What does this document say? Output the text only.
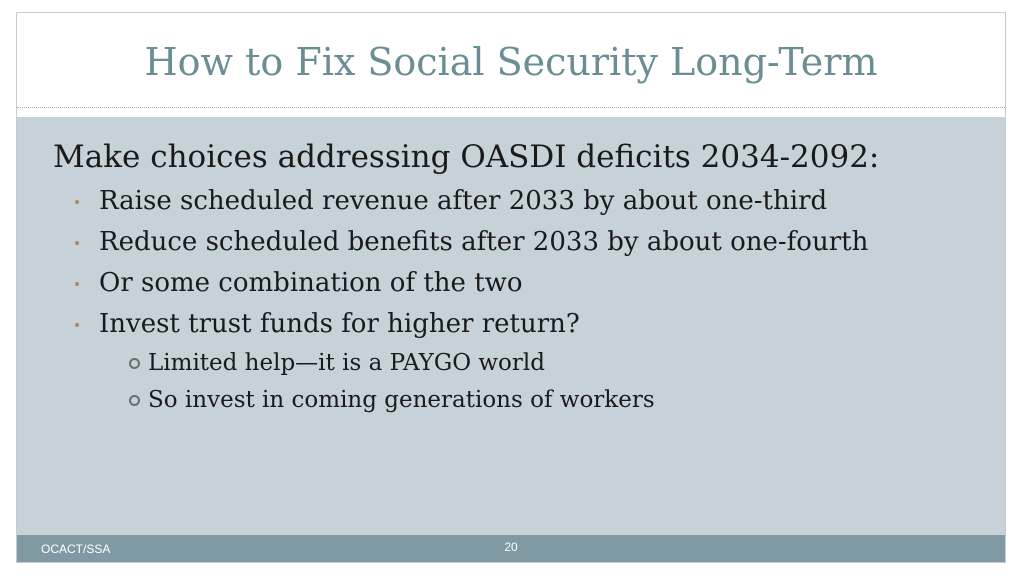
How to Fix Social Security Long-Term
Make choices addressing OASDI deficits 2034-2092:
Raise scheduled revenue after 2033 by about one-third
Reduce scheduled benefits after 2033 by about one-fourth
Or some combination of the two
Invest trust funds for higher return?
Limited help—it is a PAYGO world
So invest in coming generations of workers
OCACT/SSA	20
